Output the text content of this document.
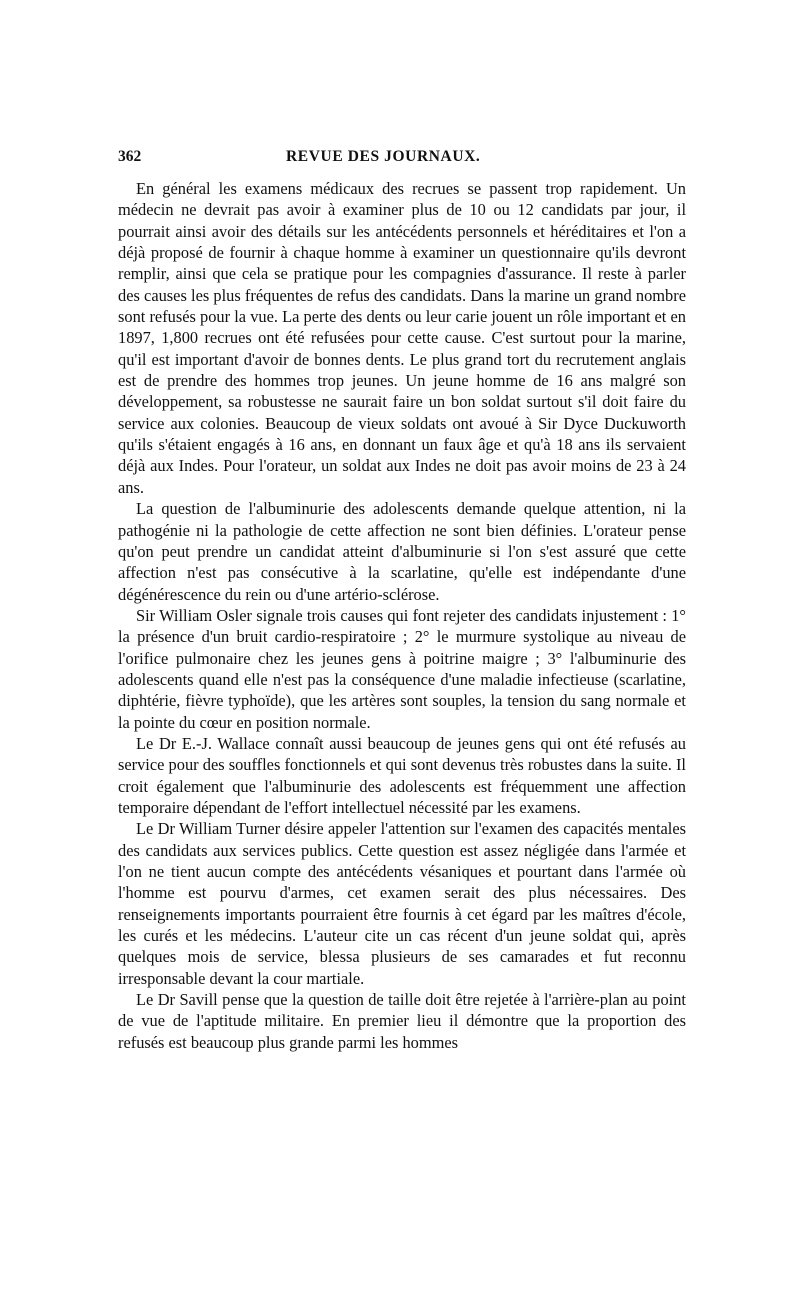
362	REVUE DES JOURNAUX.

En général les examens médicaux des recrues se passent trop rapidement. Un médecin ne devrait pas avoir à examiner plus de 10 ou 12 candidats par jour, il pourrait ainsi avoir des détails sur les antécédents personnels et héréditaires et l'on a déjà proposé de fournir à chaque homme à examiner un questionnaire qu'ils devront remplir, ainsi que cela se pratique pour les compagnies d'assurance. Il reste à parler des causes les plus fréquentes de refus des candidats. Dans la marine un grand nombre sont refusés pour la vue. La perte des dents ou leur carie jouent un rôle important et en 1897, 1,800 recrues ont été refusées pour cette cause. C'est surtout pour la marine, qu'il est important d'avoir de bonnes dents. Le plus grand tort du recrutement anglais est de prendre des hommes trop jeunes. Un jeune homme de 16 ans malgré son développement, sa robustesse ne saurait faire un bon soldat surtout s'il doit faire du service aux colonies. Beaucoup de vieux soldats ont avoué à Sir Dyce Duckuworth qu'ils s'étaient engagés à 16 ans, en donnant un faux âge et qu'à 18 ans ils servaient déjà aux Indes. Pour l'orateur, un soldat aux Indes ne doit pas avoir moins de 23 à 24 ans.

La question de l'albuminurie des adolescents demande quelque attention, ni la pathogénie ni la pathologie de cette affection ne sont bien définies. L'orateur pense qu'on peut prendre un candidat atteint d'albuminurie si l'on s'est assuré que cette affection n'est pas consécutive à la scarlatine, qu'elle est indépendante d'une dégénérescence du rein ou d'une artério-sclérose.

Sir William Osler signale trois causes qui font rejeter des candidats injustement : 1° la présence d'un bruit cardio-respiratoire ; 2° le murmure systolique au niveau de l'orifice pulmonaire chez les jeunes gens à poitrine maigre ; 3° l'albuminurie des adolescents quand elle n'est pas la conséquence d'une maladie infectieuse (scarlatine, diphtérie, fièvre typhoïde), que les artères sont souples, la tension du sang normale et la pointe du cœur en position normale.

Le Dr E.-J. Wallace connaît aussi beaucoup de jeunes gens qui ont été refusés au service pour des souffles fonctionnels et qui sont devenus très robustes dans la suite. Il croit également que l'albuminurie des adolescents est fréquemment une affection temporaire dépendant de l'effort intellectuel nécessité par les examens.

Le Dr William Turner désire appeler l'attention sur l'examen des capacités mentales des candidats aux services publics. Cette question est assez négligée dans l'armée et l'on ne tient aucun compte des antécédents vésaniques et pourtant dans l'armée où l'homme est pourvu d'armes, cet examen serait des plus nécessaires. Des renseignements importants pourraient être fournis à cet égard par les maîtres d'école, les curés et les médecins. L'auteur cite un cas récent d'un jeune soldat qui, après quelques mois de service, blessa plusieurs de ses camarades et fut reconnu irresponsable devant la cour martiale.

Le Dr Savill pense que la question de taille doit être rejetée à l'arrière-plan au point de vue de l'aptitude militaire. En premier lieu il démontre que la proportion des refusés est beaucoup plus grande parmi les hommes
